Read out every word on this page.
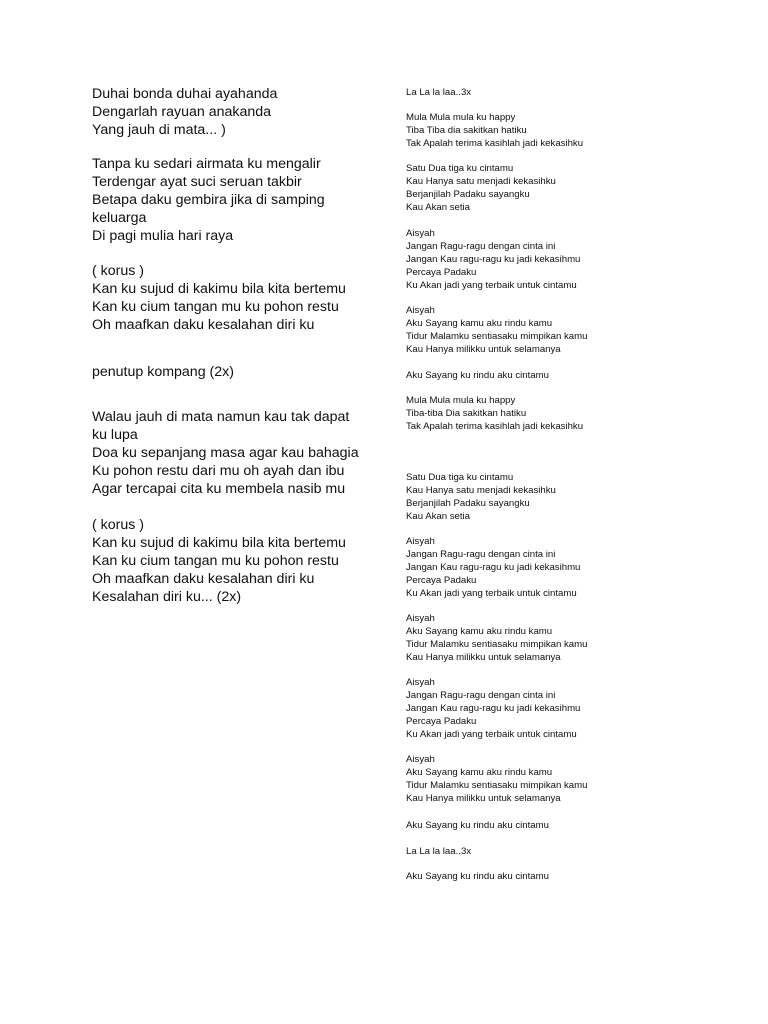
Duhai bonda duhai ayahanda
Dengarlah rayuan anakanda
Yang jauh di mata... )
Tanpa ku sedari airmata ku mengalir
Terdengar ayat suci seruan takbir
Betapa daku gembira jika di samping
keluarga
Di pagi mulia hari raya
( korus )
Kan ku sujud di kakimu bila kita bertemu
Kan ku cium tangan mu ku pohon restu
Oh maafkan daku kesalahan diri ku
penutup kompang (2x)
Walau jauh di mata namun kau tak dapat
ku lupa
Doa ku sepanjang masa agar kau bahagia
Ku pohon restu dari mu oh ayah dan ibu
Agar tercapai cita ku membela nasib mu
( korus )
Kan ku sujud di kakimu bila kita bertemu
Kan ku cium tangan mu ku pohon restu
Oh maafkan daku kesalahan diri ku
Kesalahan diri ku... (2x)
La La la laa..3x
Mula Mula mula ku happy
Tiba Tiba dia sakitkan hatiku
Tak Apalah terima kasihlah jadi kekasihku
Satu Dua tiga ku cintamu
Kau Hanya satu menjadi kekasihku
Berjanjilah Padaku sayangku
Kau Akan setia
Aisyah
Jangan Ragu-ragu dengan cinta ini
Jangan Kau ragu-ragu ku jadi kekasihmu
Percaya Padaku
Ku Akan jadi yang terbaik untuk cintamu
Aisyah
Aku Sayang kamu aku rindu kamu
Tidur Malamku sentiasaku mimpikan kamu
Kau Hanya milikku untuk selamanya
Aku Sayang ku rindu aku cintamu
Mula Mula mula ku happy
Tiba-tiba Dia sakitkan hatiku
Tak Apalah terima kasihlah jadi kekasihku
Satu Dua tiga ku cintamu
Kau Hanya satu menjadi kekasihku
Berjanjilah Padaku sayangku
Kau Akan setia
Aisyah
Jangan Ragu-ragu dengan cinta ini
Jangan Kau ragu-ragu ku jadi kekasihmu
Percaya Padaku
Ku Akan jadi yang terbaik untuk cintamu
Aisyah
Aku Sayang kamu aku rindu kamu
Tidur Malamku sentiasaku mimpikan kamu
Kau Hanya milikku untuk selamanya
Aisyah
Jangan Ragu-ragu dengan cinta ini
Jangan Kau ragu-ragu ku jadi kekasihmu
Percaya Padaku
Ku Akan jadi yang terbaik untuk cintamu
Aisyah
Aku Sayang kamu aku rindu kamu
Tidur Malamku sentiasaku mimpikan kamu
Kau Hanya milikku untuk selamanya
Aku Sayang ku rindu aku cintamu
La La la laa..3x
Aku Sayang ku rindu aku cintamu
